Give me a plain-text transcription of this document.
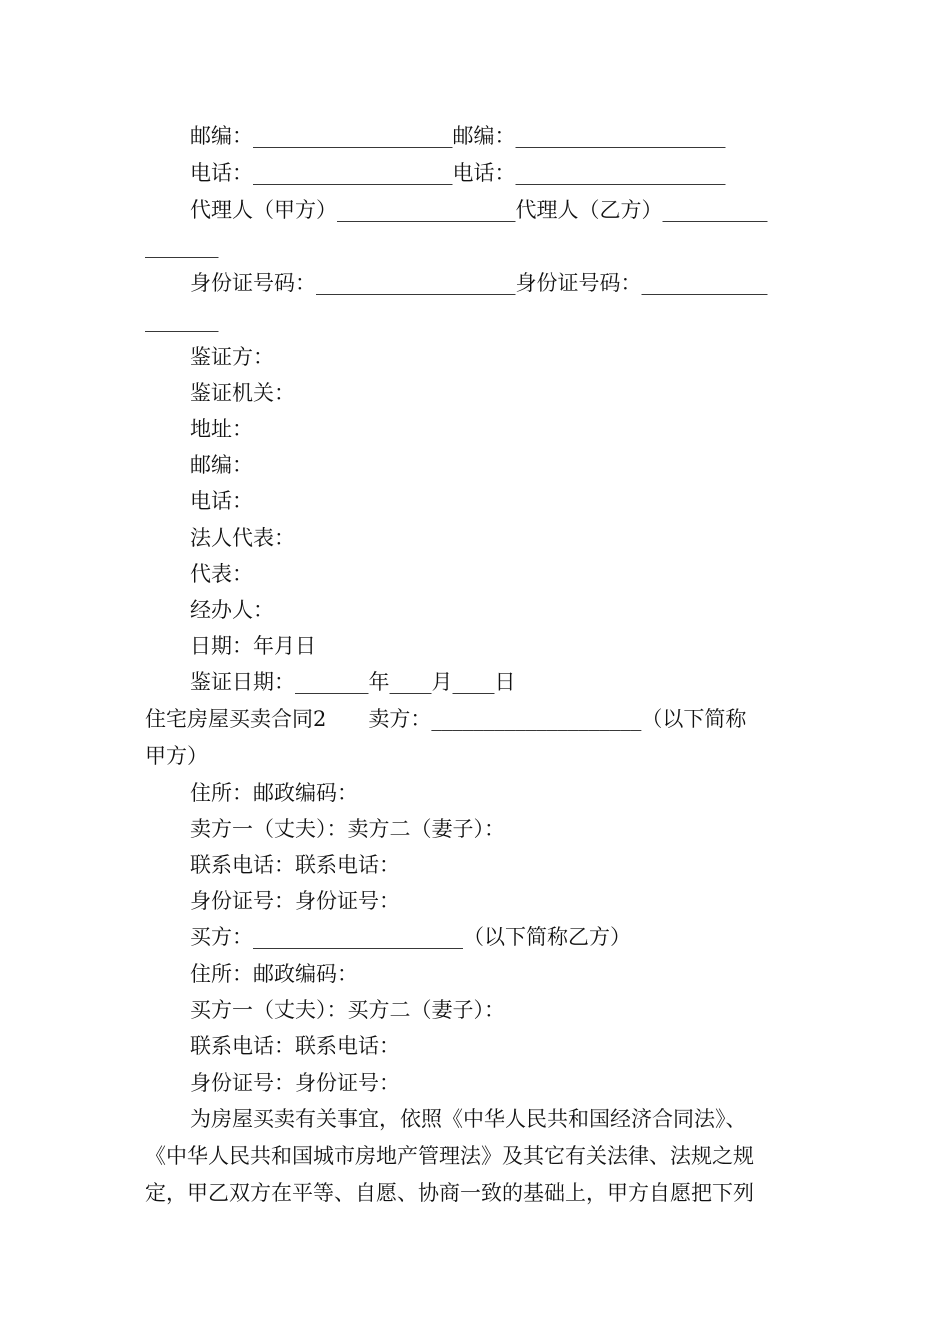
邮编：___________________邮编：____________________
电话：___________________电话：____________________
代理人（甲方）_________________代理人（乙方）__________
_______
身份证号码：___________________身份证号码：____________
_______
鉴证方：
鉴证机关：
地址：
邮编：
电话：
法人代表：
代表：
经办人：
日期：年月日
鉴证日期：_______年____月____日
住宅房屋买卖合同2　　卖方：____________________（以下简称
甲方）
住所：邮政编码：
卖方一（丈夫）：卖方二（妻子）：
联系电话：联系电话：
身份证号：身份证号：
买方：____________________（以下简称乙方）
住所：邮政编码：
买方一（丈夫）：买方二（妻子）：
联系电话：联系电话：
身份证号：身份证号：
为房屋买卖有关事宜，依照《中华人民共和国经济合同法》、
《中华人民共和国城市房地产管理法》及其它有关法律、法规之规
定，甲乙双方在平等、自愿、协商一致的基础上，甲方自愿把下列
